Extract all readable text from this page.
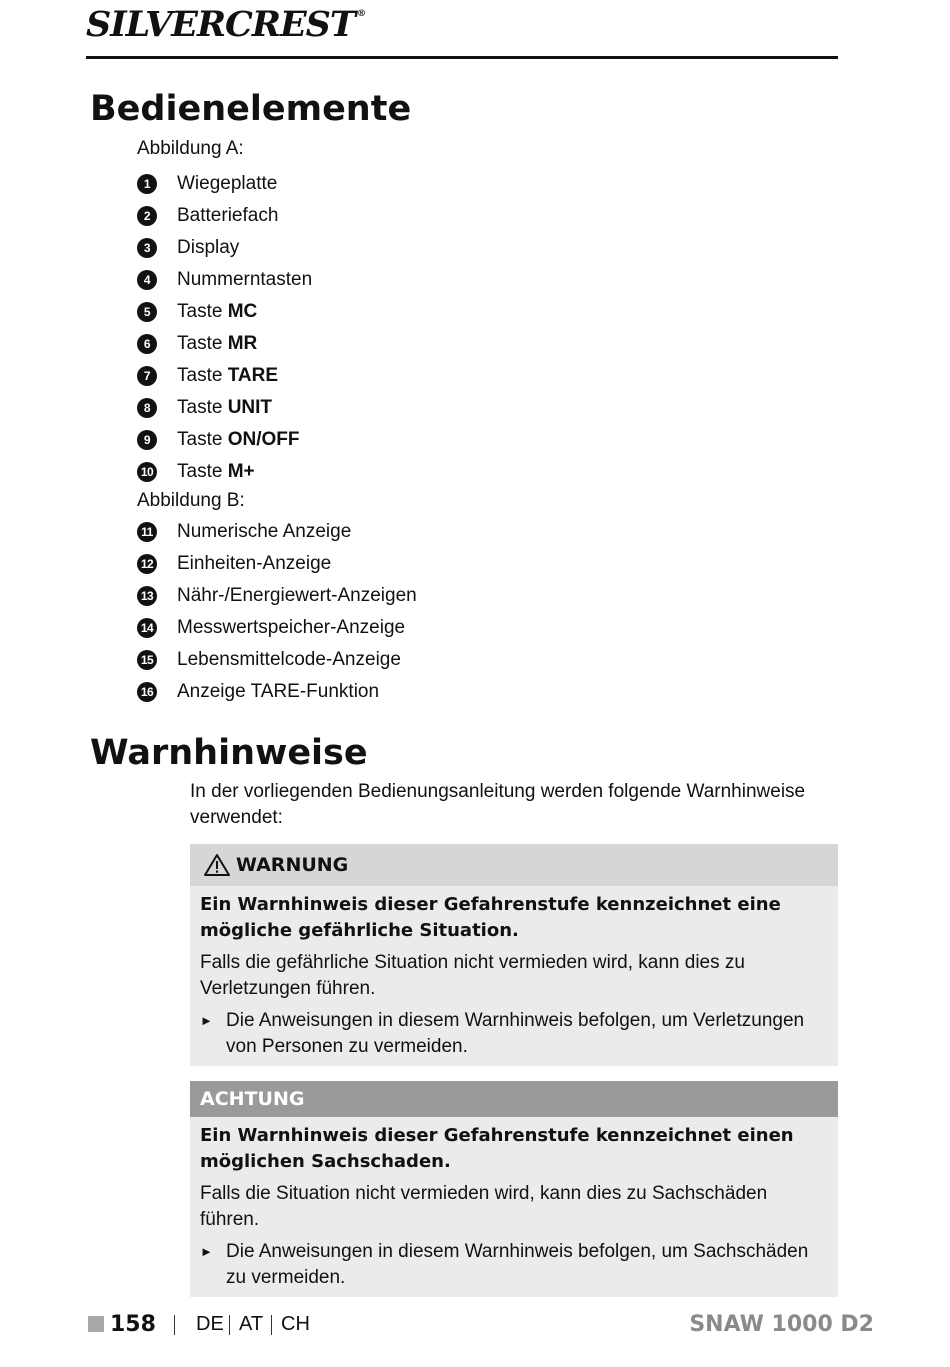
SILVERCREST ®
Bedienelemente
Abbildung A:
1	Wiegeplatte
2	Batteriefach
3	Display
4	Nummerntasten
5	Taste MC
6	Taste MR
7	Taste TARE
8	Taste UNIT
9	Taste ON/OFF
10 Taste M+
Abbildung B:
11 Numerische Anzeige
12 Einheiten-Anzeige
13 Nähr-/Energiewert-Anzeigen
14 Messwertspeicher-Anzeige
15 Lebensmittelcode-Anzeige
16 Anzeige TARE-Funktion
Warnhinweise

In der vorliegenden Bedienungsanleitung werden folgende Warnhinweise verwendet:

WARNUNG

Ein Warnhinweis dieser Gefahrenstufe kennzeichnet eine mögliche gefährliche Situation.

Falls die gefährliche Situation nicht vermieden wird, kann dies zu Verletzungen führen.

► Die Anweisungen in diesem Warnhinweis befolgen, um Verletzungen von Personen zu vermeiden.
ACHTUNG

Ein Warnhinweis dieser Gefahrenstufe kennzeichnet einen möglichen Sachschaden.

Falls die Situation nicht vermieden wird, kann dies zu Sachschäden führen.

► Die Anweisungen in diesem Warnhinweis befolgen, um Sachschäden zu vermeiden.
158 DE AT CH	SNAW 1000 D2
